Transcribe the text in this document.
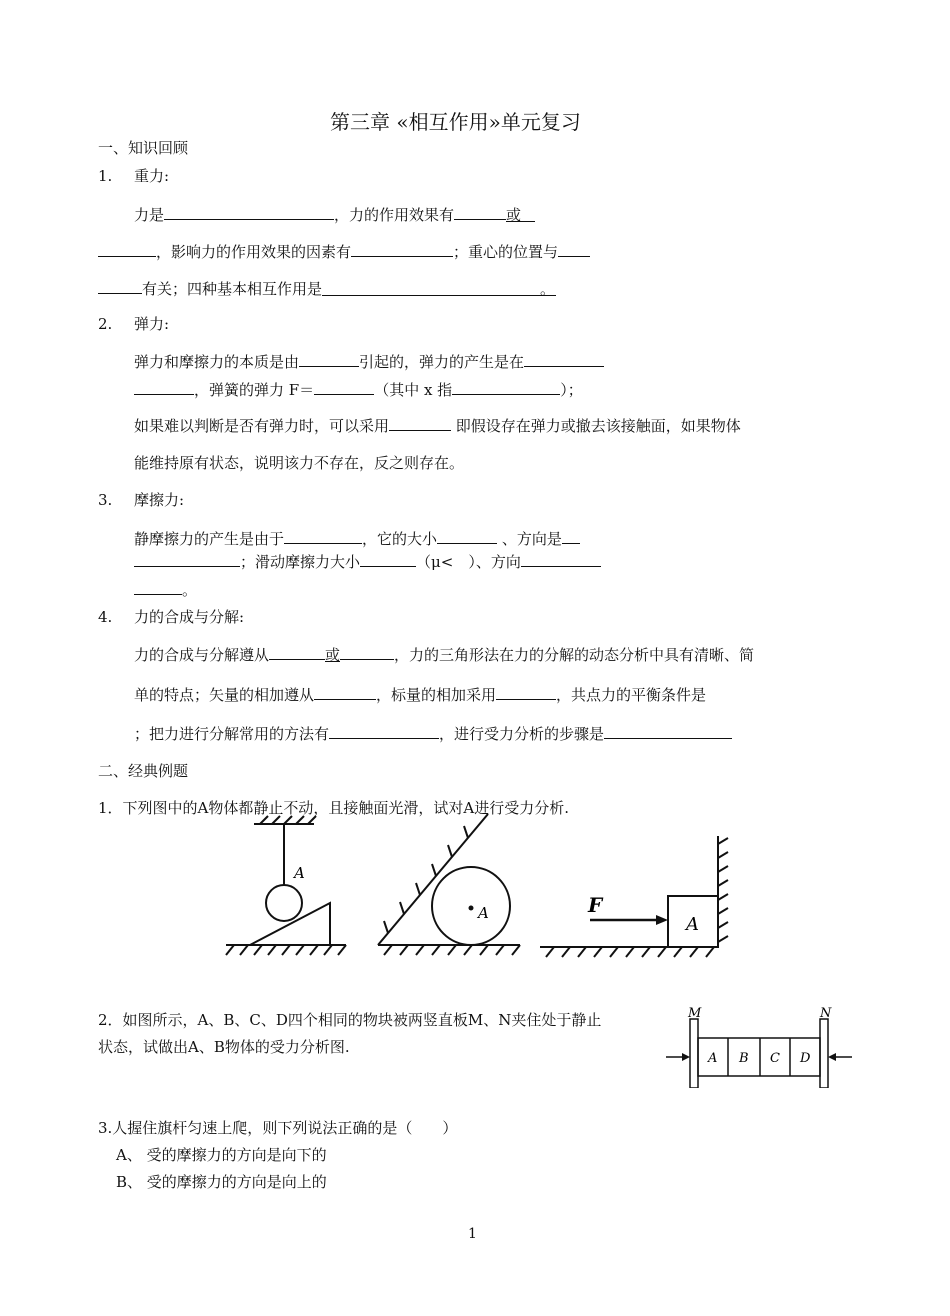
第三章 «相互作用»单元复习
一、知识回顾
1. 重力:
力是	，力的作用效果有	或
，影响力的作用效果的因素有	；重心的位置与
有关；四种基本相互作用是	。
2. 弹力:
弹力和摩擦力的本质是由	引起的，弹力的产生是在
，弹簧的弹力 F＝	（其中 x 指	）；
如果难以判断是否有弹力时，可以采用	即假设存在弹力或撤去该接触面，如果物体
能维持原有状态，说明该力不存在，反之则存在。
3. 摩擦力:
静摩擦力的产生是由于	，它的大小	、方向是
；滑动摩擦力大小	（μ<　 ）、方向
。
4. 力的合成与分解:
力的合成与分解遵从	或	，力的三角形法在力的分解的动态分析中具有清晰、简
单的特点；矢量的相加遵从	，标量的相加采用	，共点力的平衡条件是
；把力进行分解常用的方法有	，进行受力分析的步骤是
二、经典例题
1．下列图中的A物体都静止不动，且接触面光滑，试对A进行受力分析.
A
A	F
A
2．如图所示，A、B、C、D四个相同的物块被两竖直板M、N夹住处于静止
状态，试做出A、B物体的受力分析图.
M	N
A B C D
3.人握住旗杆匀速上爬，则下列说法正确的是（　　）
A、 受的摩擦力的方向是向下的
B、 受的摩擦力的方向是向上的
1
